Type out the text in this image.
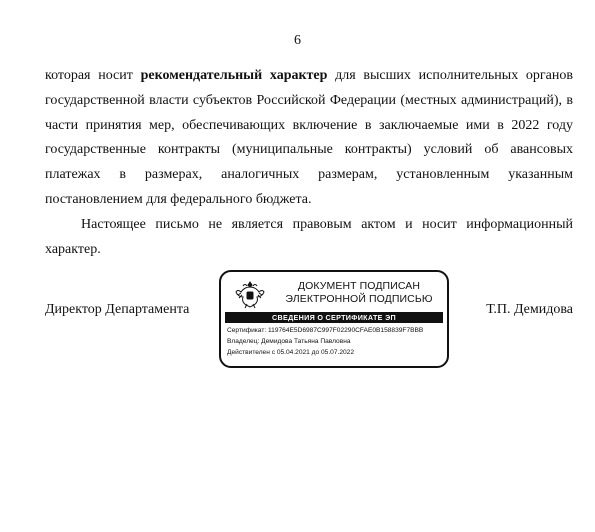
6

которая носит рекомендательный характер для высших исполнительных органов государственной власти субъектов Российской Федерации (местных администраций), в части принятия мер, обеспечивающих включение в заключаемые ими в 2022 году государственные контракты (муниципальные контракты) условий об авансовых платежах в размерах, аналогичных размерам, установленным указанным постановлением для федерального бюджета.

Настоящее письмо не является правовым актом и носит информационный характер.

Директор Департамента
ДОКУМЕНТ ПОДПИСАН
ЭЛЕКТРОННОЙ ПОДПИСЬЮ
СВЕДЕНИЯ О СЕРТИФИКАТЕ ЭП
Сертификат: 119764E5D6987C997F02290CFAE0B158839F7BBB
Владелец: Демидова Татьяна Павловна
Действителен с 05.04.2021 до 05.07.2022
Т.П. Демидова
